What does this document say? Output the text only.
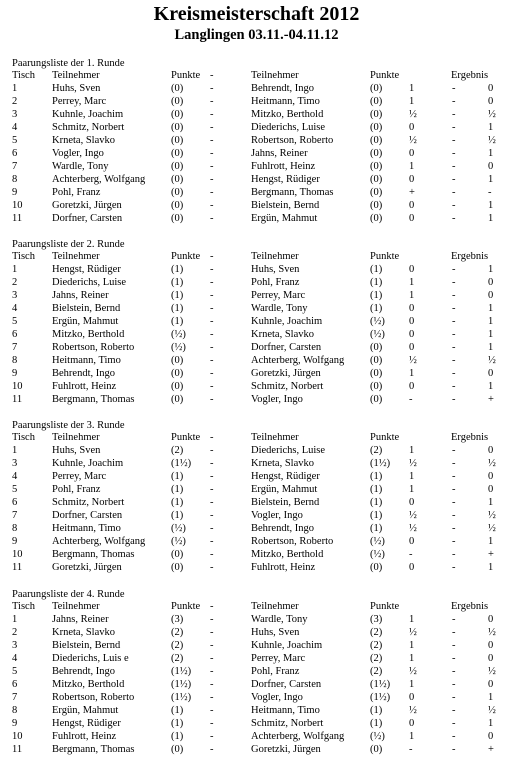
Kreismeisterschaft 2012
Langlingen 03.11.-04.11.12
Paarungsliste der 1. Runde
Tisch Teilnehmer	Punkte -	Teilnehmer	Punkte	Ergebnis
1	Huhs, Sven	(0)	-	Behrendt, Ingo	(0)	1	-	0
2	Perrey, Marc	(0)	-	Heitmann, Timo	(0)	1	-	0
3	Kuhnle, Joachim	(0)	-	Mitzko, Berthold	(0)	½	-	½
4	Schmitz, Norbert	(0)	-	Diederichs, Luise	(0)	0	-	1
5	Krneta, Slavko	(0)	-	Robertson, Roberto	(0)	½	-	½
6	Vogler, Ingo	(0)	-	Jahns, Reiner	(0)	0	-	1
7	Wardle, Tony	(0)	-	Fuhlrott, Heinz	(0)	1	-	0
8	Achterberg, Wolfgang (0)	-	Hengst, Rüdiger	(0)	0	-	1
9	Pohl, Franz	(0)	-	Bergmann, Thomas	(0)	+	-	-
10	Goretzki, Jürgen	(0)	-	Bielstein, Bernd	(0)	0	-	1
11	Dorfner, Carsten	(0)	-	Ergün, Mahmut	(0)	0	-	1
Paarungsliste der 2. Runde
Tisch Teilnehmer	Punkte -	Teilnehmer	Punkte	Ergebnis
1	Hengst, Rüdiger	(1)	-	Huhs, Sven	(1)	0	-	1
2	Diederichs, Luise	(1)	-	Pohl, Franz	(1)	1	-	0
3	Jahns, Reiner	(1)	-	Perrey, Marc	(1)	1	-	0
4	Bielstein, Bernd	(1)	-	Wardle, Tony	(1)	0	-	1
5	Ergün, Mahmut	(1)	-	Kuhnle, Joachim	(½) 0	-	1
6	Mitzko, Berthold	(½) -	Krneta, Slavko	(½) 0	-	1
7	Robertson, Roberto	(½) -	Dorfner, Carsten	(0)	0	-	1
8	Heitmann, Timo	(0)	-	Achterberg, Wolfgang (0)	½	-	½
9	Behrendt, Ingo	(0)	-	Goretzki, Jürgen	(0)	1	-	0
10	Fuhlrott, Heinz	(0)	-	Schmitz, Norbert	(0)	0	-	1
11	Bergmann, Thomas	(0)	-	Vogler, Ingo	(0)	-	-	+
Paarungsliste der 3. Runde
Tisch Teilnehmer	Punkte -	Teilnehmer	Punkte	Ergebnis
1	Huhs, Sven	(2)	-	Diederichs, Luise	(2)	1	-	0
3	Kuhnle, Joachim	(1½) -	Krneta, Slavko	(1½) ½	-	½
4	Perrey, Marc	(1)	-	Hengst, Rüdiger	(1)	1	-	0
5	Pohl, Franz	(1)	-	Ergün, Mahmut	(1)	1	-	0
6	Schmitz, Norbert	(1)	-	Bielstein, Bernd	(1)	0	-	1
7	Dorfner, Carsten	(1)	-	Vogler, Ingo	(1)	½	-	½
8	Heitmann, Timo	(½) -	Behrendt, Ingo	(1)	½	-	½
9	Achterberg, Wolfgang (½) -	Robertson, Roberto	(½) 0	-	1
10	Bergmann, Thomas	(0)	-	Mitzko, Berthold	(½) -	-	+
11	Goretzki, Jürgen	(0)	-	Fuhlrott, Heinz	(0)	0	-	1
Paarungsliste der 4. Runde
Tisch Teilnehmer	Punkte -	Teilnehmer	Punkte	Ergebnis
1	Jahns, Reiner	(3)	-	Wardle, Tony	(3)	1	-	0
2	Krneta, Slavko	(2)	-	Huhs, Sven	(2)	½	-	½
3	Bielstein, Bernd	(2)	-	Kuhnle, Joachim	(2)	1	-	0
4	Diederichs, Luis e	(2)	-	Perrey, Marc	(2)	1	-	0
5	Behrendt, Ingo	(1½) -	Pohl, Franz	(2)	½	-	½
6	Mitzko, Berthold	(1½) -	Dorfner, Carsten	(1½) 1	-	0
7	Robertson, Roberto	(1½) -	Vogler, Ingo	(1½) 0	-	1
8	Ergün, Mahmut	(1)	-	Heitmann, Timo	(1)	½	-	½
9	Hengst, Rüdiger	(1)	-	Schmitz, Norbert	(1)	0	-	1
10	Fuhlrott, Heinz	(1)	-	Achterberg, Wolfgang (½) 1	-	0
11	Bergmann, Thomas	(0)	-	Goretzki, Jürgen	(0)	-	-	+
